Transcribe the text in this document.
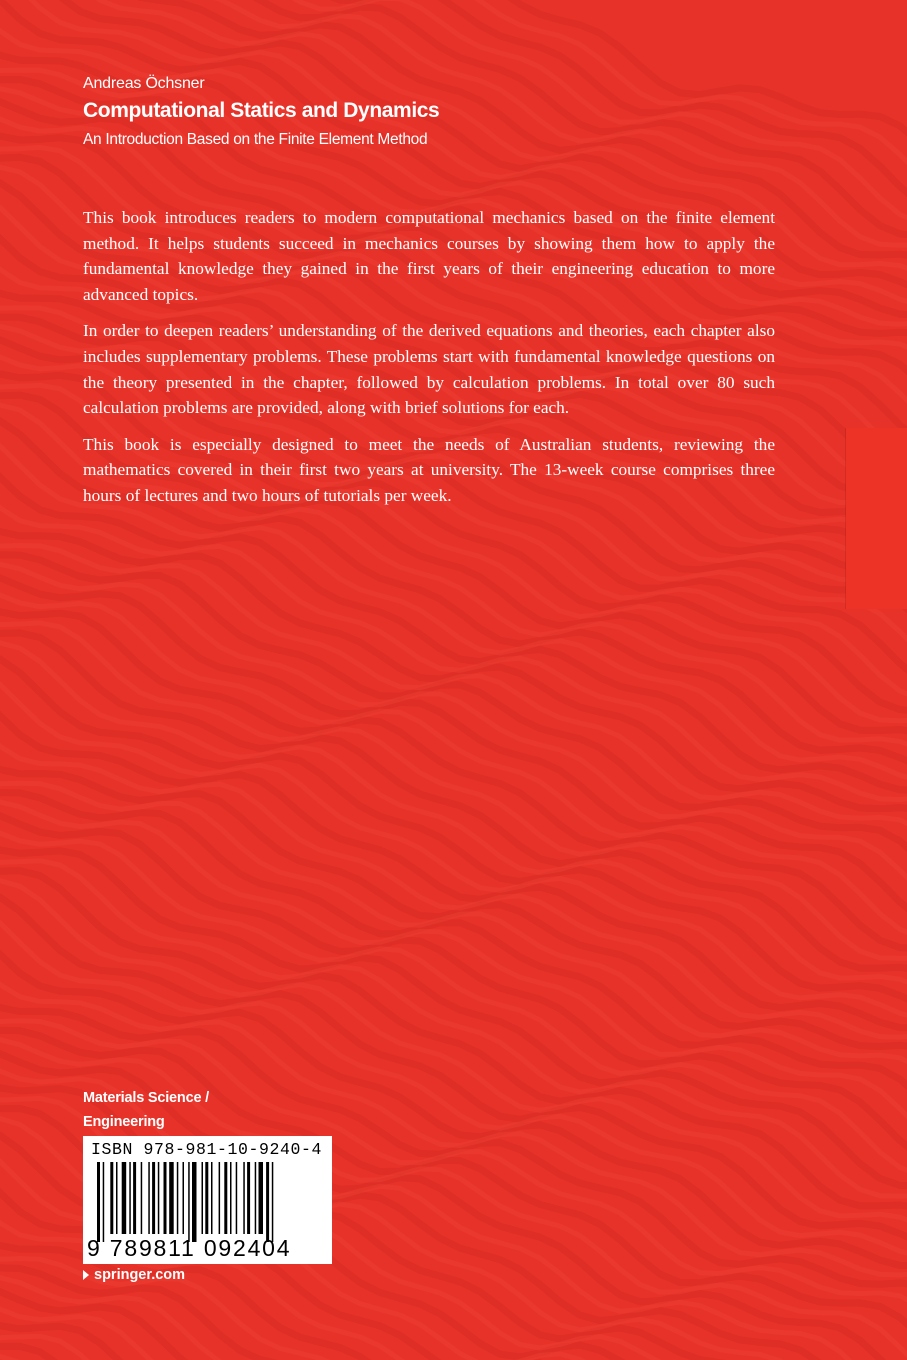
Andreas Öchsner
Computational Statics and Dynamics
An Introduction Based on the Finite Element Method

This book introduces readers to modern computational mechanics based on the finite element method. It helps students succeed in mechanics courses by showing them how to apply the fundamental knowledge they gained in the first years of their engineering education to more advanced topics.

In order to deepen readers’ understanding of the derived equations and theories, each chapter also includes supplementary problems. These problems start with fundamental knowledge questions on the theory presented in the chapter, followed by calculation problems. In total over 80 such calculation problems are provided, along with brief solutions for each.

This book is especially designed to meet the needs of Australian students, reviewing the mathematics covered in their first two years at university. The 13-week course comprises three hours of lectures and two hours of tutorials per week.

Materials Science /
Engineering
ISBN 978-981-10-9240-4
9 789811 092404
springer.com
